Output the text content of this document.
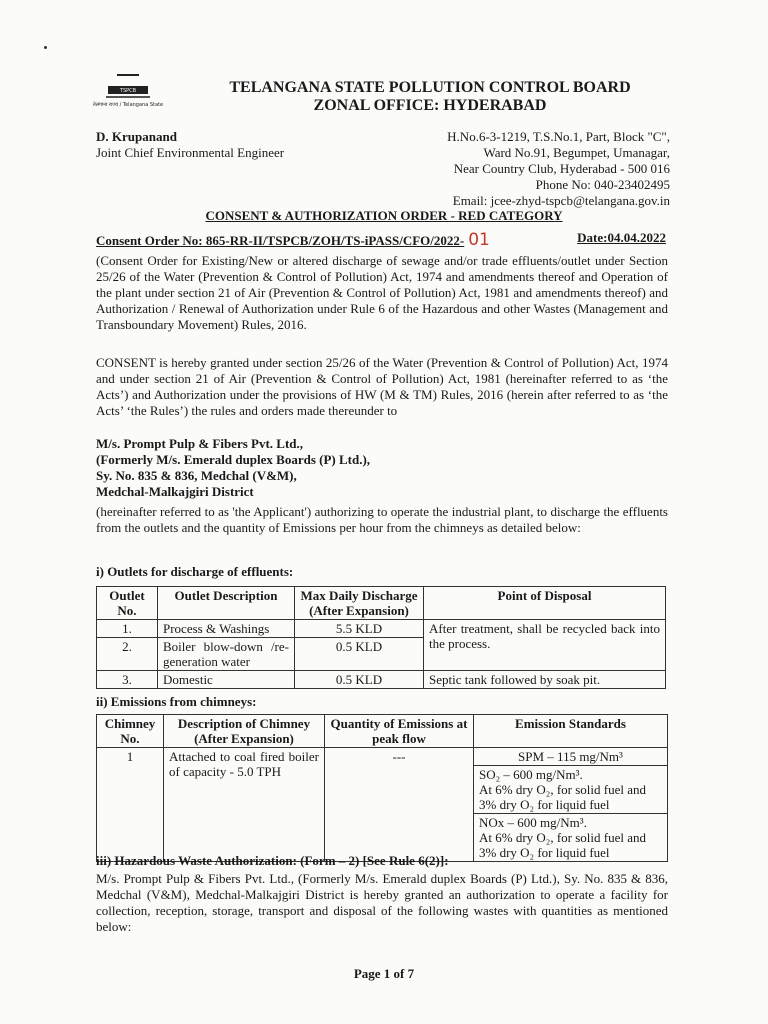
TSPCB
तेलंगाना राज्य / Telangana State
TELANGANA STATE POLLUTION CONTROL BOARD
ZONAL OFFICE: HYDERABAD
D. Krupanand
Joint Chief Environmental Engineer
H.No.6-3-1219, T.S.No.1, Part, Block "C",
Ward No.91, Begumpet, Umanagar,
Near Country Club, Hyderabad - 500 016
Phone No: 040-23402495
Email: jcee-zhyd-tspcb@telangana.gov.in
CONSENT & AUTHORIZATION ORDER - RED CATEGORY
Consent Order No: 865-RR-II/TSPCB/ZOH/TS-iPASS/CFO/2022- 01	Date:04.04.2022
(Consent Order for Existing/New or altered discharge of sewage and/or trade effluents/outlet under Section 25/26 of the Water (Prevention & Control of Pollution) Act, 1974 and amendments thereof and Operation of the plant under section 21 of Air (Prevention & Control of Pollution) Act, 1981 and amendments thereof) and Authorization / Renewal of Authorization under Rule 6 of the Hazardous and other Wastes (Management and Transboundary Movement) Rules, 2016.
CONSENT is hereby granted under section 25/26 of the Water (Prevention & Control of Pollution) Act, 1974 and under section 21 of Air (Prevention & Control of Pollution) Act, 1981 (hereinafter referred to as ‘the Acts’) and Authorization under the provisions of HW (M & TM) Rules, 2016 (herein after referred to as ‘the Acts’ ‘the Rules’) the rules and orders made thereunder to
M/s. Prompt Pulp & Fibers Pvt. Ltd.,
(Formerly M/s. Emerald duplex Boards (P) Ltd.),
Sy. No. 835 & 836, Medchal (V&M),
Medchal-Malkajgiri District
(hereinafter referred to as 'the Applicant') authorizing to operate the industrial plant, to discharge the effluents from the outlets and the quantity of Emissions per hour from the chimneys as detailed below:
i) Outlets for discharge of effluents:
Outlet No.	Outlet Description	Max Daily Discharge (After Expansion)	Point of Disposal
1.	Process & Washings	5.5 KLD	After treatment, shall be recycled back into the process.
2.	Boiler blow-down /re-generation water	0.5 KLD	
3.	Domestic	0.5 KLD	Septic tank followed by soak pit.
ii) Emissions from chimneys:
Chimney No.	Description of Chimney (After Expansion)	Quantity of Emissions at peak flow	Emission Standards
1	Attached to coal fired boiler of capacity - 5.0 TPH	---	SPM – 115 mg/Nm³

			SO₂ – 600 mg/Nm³.
At 6% dry O₂, for solid fuel and 3% dry O₂ for liquid fuel

			NOx – 600 mg/Nm³.
At 6% dry O₂, for solid fuel and 3% dry O₂ for liquid fuel
iii) Hazardous Waste Authorization: (Form – 2) [See Rule 6(2)]:
M/s. Prompt Pulp & Fibers Pvt. Ltd., (Formerly M/s. Emerald duplex Boards (P) Ltd.), Sy. No. 835 & 836, Medchal (V&M), Medchal-Malkajgiri District is hereby granted an authorization to operate a facility for collection, reception, storage, transport and disposal of the following wastes with quantities as mentioned below:
Page 1 of 7
